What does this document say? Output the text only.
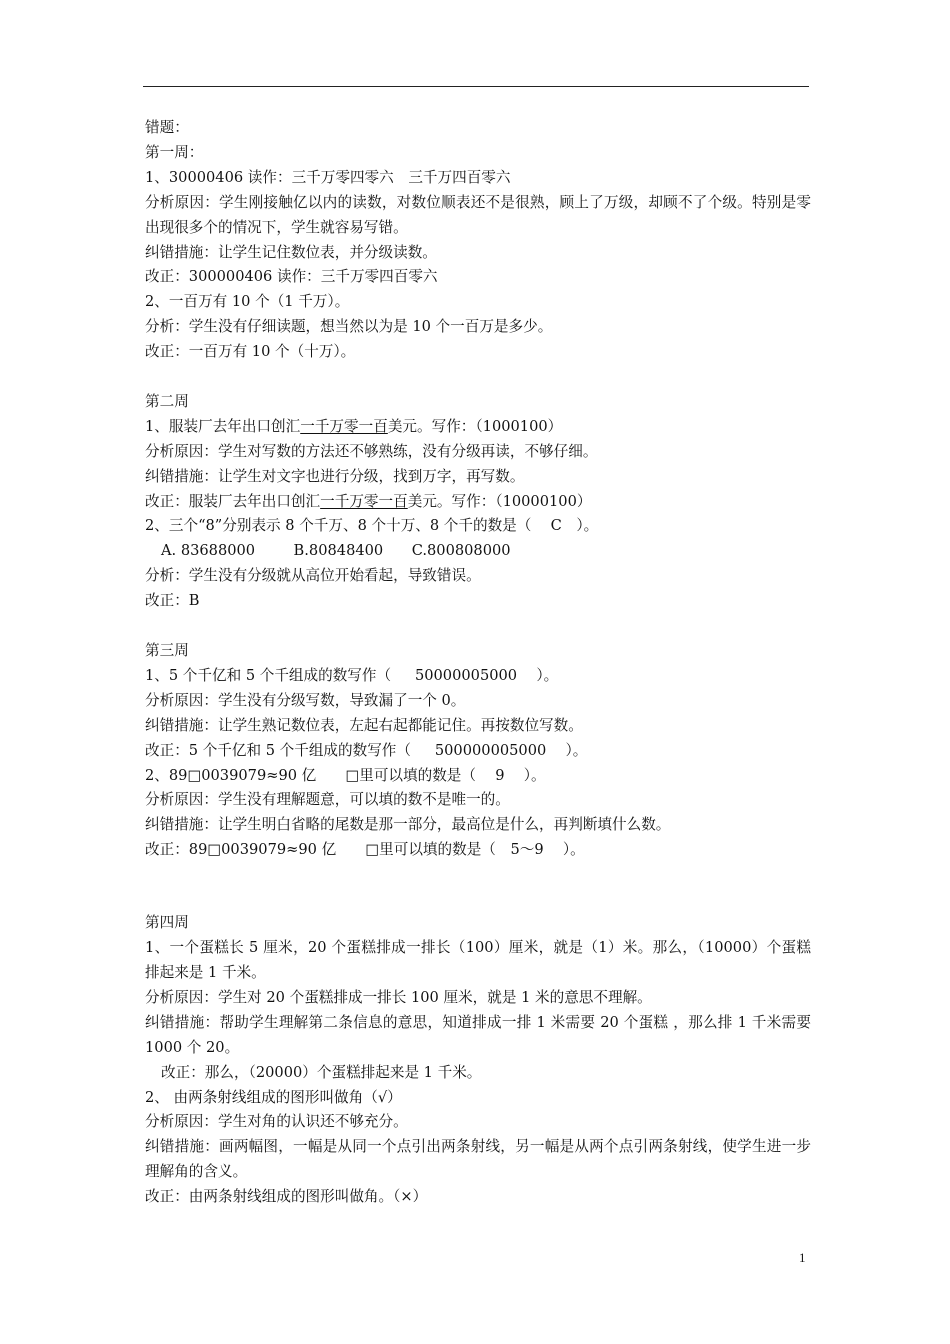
错题：
第一周：
1、30000406 读作：三千万零四零六　三千万四百零六
分析原因：学生刚接触亿以内的读数，对数位顺表还不是很熟，顾上了万级，却顾不了个级。特别是零出现很多个的情况下，学生就容易写错。
纠错措施：让学生记住数位表，并分级读数。
改正：300000406 读作：三千万零四百零六
2、一百万有 10 个（1 千万）。
分析：学生没有仔细读题，想当然以为是 10 个一百万是多少。
改正：一百万有 10 个（十万）。
第二周
1、服装厂去年出口创汇一千万零一百美元。写作：（1000100）
分析原因：学生对写数的方法还不够熟练，没有分级再读，不够仔细。
纠错措施：让学生对文字也进行分级，找到万字，再写数。
改正：服装厂去年出口创汇一千万零一百美元。写作：（10000100）
2、三个“8”分别表示 8 个千万、8 个十万、8 个千的数是（　 C　）。
A. 83688000　　  B.80848400　   C.800808000
分析：学生没有分级就从高位开始看起，导致错误。
改正：B
第三周
1、5 个千亿和 5 个千组成的数写作（　  50000005000　 ）。
分析原因：学生没有分级写数，导致漏了一个 0。
纠错措施：让学生熟记数位表，左起右起都能记住。再按数位写数。
改正：5 个千亿和 5 个千组成的数写作（　  500000005000　 ）。
2、89□0039079≈90 亿　　□里可以填的数是（　 9　 ）。
分析原因：学生没有理解题意，可以填的数不是唯一的。
纠错措施：让学生明白省略的尾数是那一部分，最高位是什么，再判断填什么数。
改正：89□0039079≈90 亿　　□里可以填的数是（　5～9　 ）。
第四周
1、一个蛋糕长 5 厘米，20 个蛋糕排成一排长（100）厘米，就是（1）米。那么，（10000）个蛋糕排起来是 1 千米。
分析原因：学生对 20 个蛋糕排成一排长 100 厘米，就是 1 米的意思不理解。
纠错措施：帮助学生理解第二条信息的意思，知道排成一排 1 米需要 20 个蛋糕 ，那么排 1 千米需要 1000 个 20。
改正：那么，（20000）个蛋糕排起来是 1 千米。
2、 由两条射线组成的图形叫做角（√）
分析原因：学生对角的认识还不够充分。
纠错措施：画两幅图，一幅是从同一个点引出两条射线，另一幅是从两个点引两条射线，使学生进一步理解角的含义。
改正：由两条射线组成的图形叫做角。（×）
1
